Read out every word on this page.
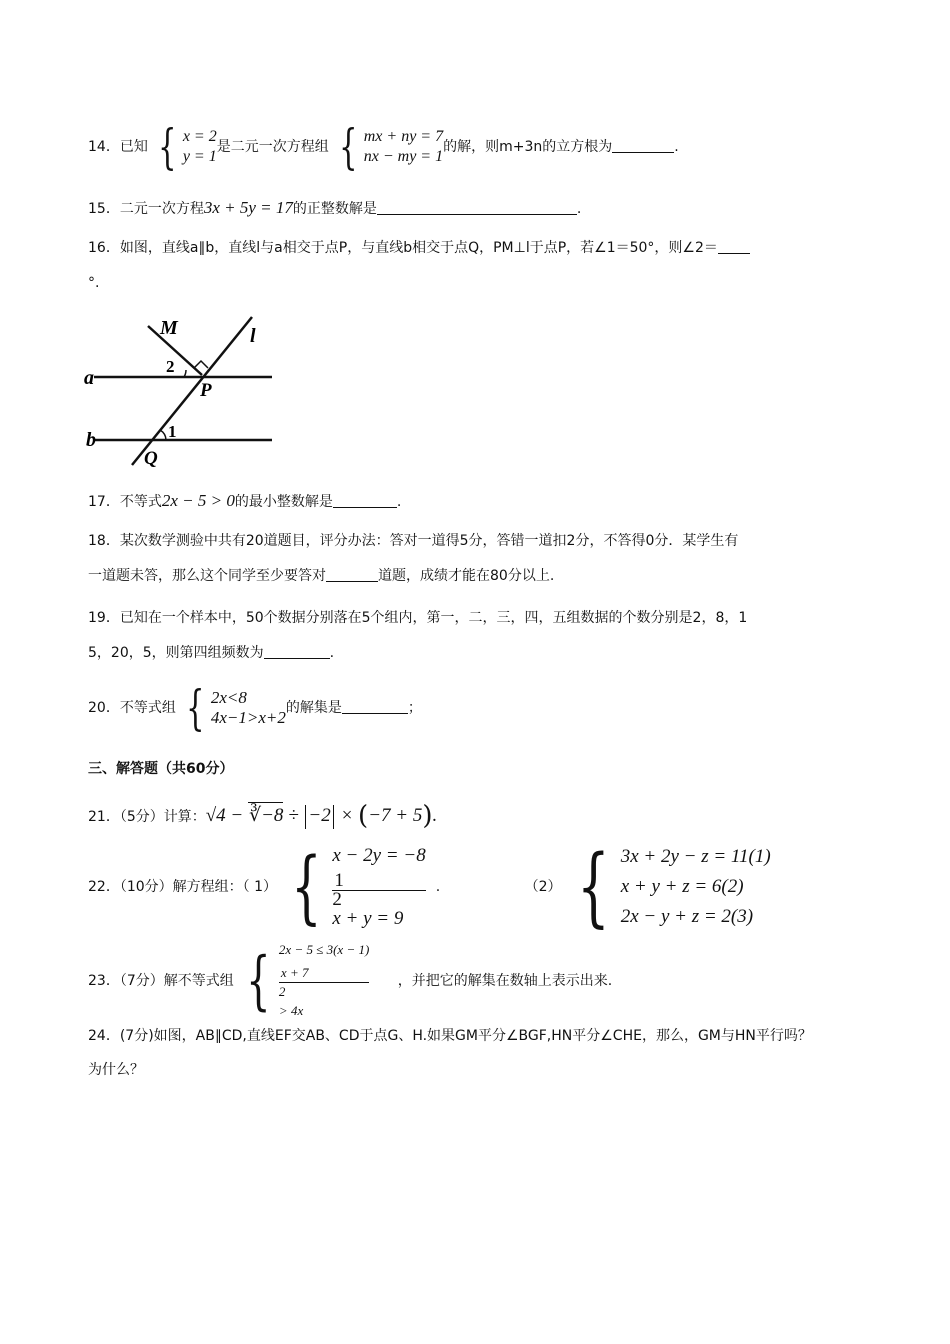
14．已知 { x = 2
y = 1
是二元一次方程组 { mx + ny = 7
nx − my = 1
的解，则m+3n的立方根为	.
15．二元一次方程3x + 5y = 17的正整数解是	.
16．如图，直线a∥b，直线l与a相交于点P，与直线b相交于点Q，PM⊥l于点P，若∠1＝50°，则∠2＝
°.
M	l
a
b
P
Q
1
2
17．不等式2x − 5 > 0的最小整数解是	.
18．某次数学测验中共有20道题目，评分办法：答对一道得5分，答错一道扣2分，不答得0分．某学生有
一道题未答，那么这个同学至少要答对	道题，成绩才能在80分以上.
19．已知在一个样本中，50个数据分别落在5个组内，第一，二，三，四，五组数据的个数分别是2，8，1
5，20，5，则第四组频数为	.
20．不等式组 { 2x<8
4x−1>x+2 的解集是	；
三、解答题（共60分）
21．（5分）计算：√4 − ∛−8 ÷ −2 × (−7 + 5).
22．（10分）解方程组：（ 1） { x − 2y = −8
1
2
x + y = 9
.	（2） { 3x + 2y − z = 11(1)
x + y + z = 6(2)
2x − y + z = 2(3)
23．（7分）解不等式组 { 2x − 5 ≤ 3(x − 1)
x + 7
2
> 4x
，并把它的解集在数轴上表示出来.
24．(7分)如图，AB∥CD,直线EF交AB、CD于点G、H.如果GM平分∠BGF,HN平分∠CHE，那么，GM与HN平行吗？
为什么？
